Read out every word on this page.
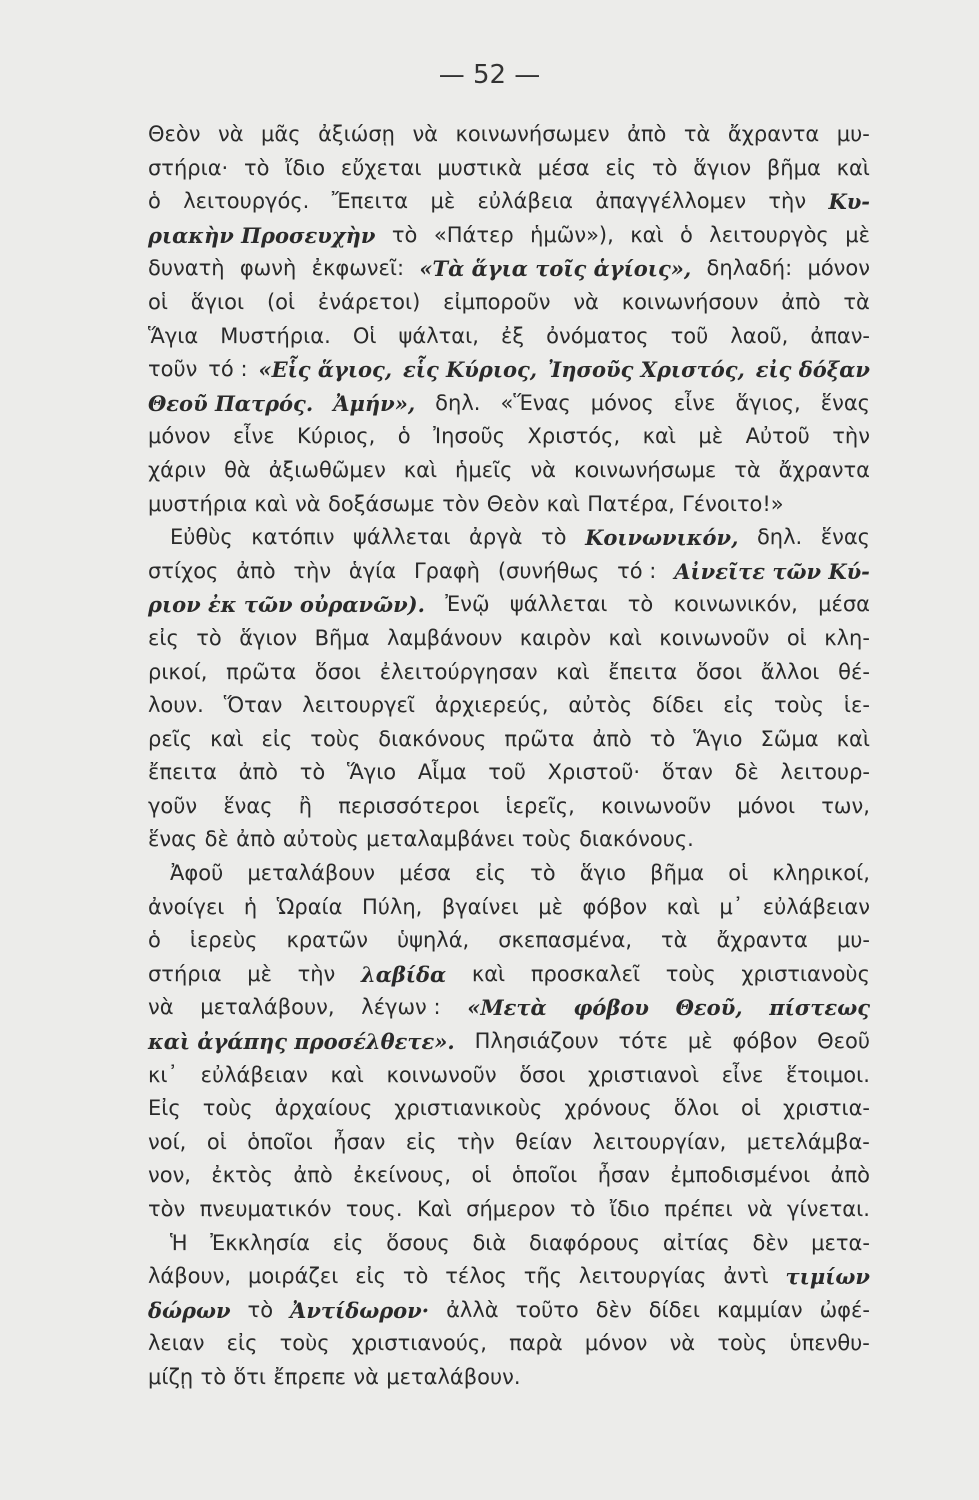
— 52 —
Θεὸν νὰ μᾶς ἀξιώσῃ νὰ κοινωνήσωμεν ἀπὸ τὰ ἄχραντα μυ-
στήρια· τὸ ἴδιο εὔχεται μυστικὰ μέσα εἰς τὸ ἅγιον βῆμα καὶ
ὁ λειτουργός. Ἔπειτα μὲ εὐλάβεια ἀπαγγέλλομεν τὴν Κυ-
ριακὴν Προσευχὴν τὸ «Πάτερ ἡμῶν»), καὶ ὁ λειτουργὸς μὲ
δυνατὴ φωνὴ ἐκφωνεῖ: «Τὰ ἅγια τοῖς ἁγίοις», δηλαδή: μόνον
οἱ ἅγιοι (οἱ ἐνάρετοι) εἰμποροῦν νὰ κοινωνήσουν ἀπὸ τὰ
Ἅγια Μυστήρια. Οἱ ψάλται, ἐξ ὀνόματος τοῦ λαοῦ, ἀπαν-
τοῦν τό : «Εἷς ἅγιος, εἷς Κύριος, Ἰησοῦς Χριστός, εἰς δόξαν
Θεοῦ Πατρός. Ἀμήν», δηλ. «Ἕνας μόνος εἶνε ἅγιος, ἕνας
μόνον εἶνε Κύριος, ὁ Ἰησοῦς Χριστός, καὶ μὲ Αὐτοῦ τὴν
χάριν θὰ ἀξιωθῶμεν καὶ ἡμεῖς νὰ κοινωνήσωμε τὰ ἄχραντα
μυστήρια καὶ νὰ δοξάσωμε τὸν Θεὸν καὶ Πατέρα, Γένοιτο!»
Εὐθὺς κατόπιν ψάλλεται ἀργὰ τὸ Κοινωνικόν, δηλ. ἕνας
στίχος ἀπὸ τὴν ἁγία Γραφὴ (συνήθως τό : Αἰνεῖτε τῶν Κύ-
ριον ἐκ τῶν οὐρανῶν). Ἐνῷ ψάλλεται τὸ κοινωνικόν, μέσα
εἰς τὸ ἅγιον Βῆμα λαμβάνουν καιρὸν καὶ κοινωνοῦν οἱ κλη-
ρικοί, πρῶτα ὅσοι ἐλειτούργησαν καὶ ἔπειτα ὅσοι ἄλλοι θέ-
λουν. Ὅταν λειτουργεῖ ἀρχιερεύς, αὐτὸς δίδει εἰς τοὺς ἱε-
ρεῖς καὶ εἰς τοὺς διακόνους πρῶτα ἀπὸ τὸ Ἅγιο Σῶμα καὶ
ἔπειτα ἀπὸ τὸ Ἅγιο Αἷμα τοῦ Χριστοῦ· ὅταν δὲ λειτουρ-
γοῦν ἕνας ἢ περισσότεροι ἱερεῖς, κοινωνοῦν μόνοι των,
ἕνας δὲ ἀπὸ αὐτοὺς μεταλαμβάνει τοὺς διακόνους.
Ἀφοῦ μεταλάβουν μέσα εἰς τὸ ἅγιο βῆμα οἱ κληρικοί,
ἀνοίγει ἡ Ὡραία Πύλη, βγαίνει μὲ φόβον καὶ μ᾿ εὐλάβειαν
ὁ ἱερεὺς κρατῶν ὑψηλά, σκεπασμένα, τὰ ἄχραντα μυ-
στήρια μὲ τὴν λαβίδα καὶ προσκαλεῖ τοὺς χριστιανοὺς
νὰ μεταλάβουν, λέγων : «Μετὰ φόβου Θεοῦ, πίστεως
καὶ ἀγάπης προσέλθετε». Πλησιάζουν τότε μὲ φόβον Θεοῦ
κι᾿ εὐλάβειαν καὶ κοινωνοῦν ὅσοι χριστιανοὶ εἶνε ἕτοιμοι.
Εἰς τοὺς ἀρχαίους χριστιανικοὺς χρόνους ὅλοι οἱ χριστια-
νοί, οἱ ὁποῖοι ἦσαν εἰς τὴν θείαν λειτουργίαν, μετελάμβα-
νον, ἐκτὸς ἀπὸ ἐκείνους, οἱ ὁποῖοι ἦσαν ἐμποδισμένοι ἀπὸ
τὸν πνευματικόν τους. Καὶ σήμερον τὸ ἴδιο πρέπει νὰ γίνεται.
Ἡ Ἐκκλησία εἰς ὅσους διὰ διαφόρους αἰτίας δὲν μετα-
λάβουν, μοιράζει εἰς τὸ τέλος τῆς λειτουργίας ἀντὶ τιμίων
δώρων τὸ Ἀντίδωρον· ἀλλὰ τοῦτο δὲν δίδει καμμίαν ὠφέ-
λειαν εἰς τοὺς χριστιανούς, παρὰ μόνον νὰ τοὺς ὑπενθυ-
μίζῃ τὸ ὅτι ἔπρεπε νὰ μεταλάβουν.
